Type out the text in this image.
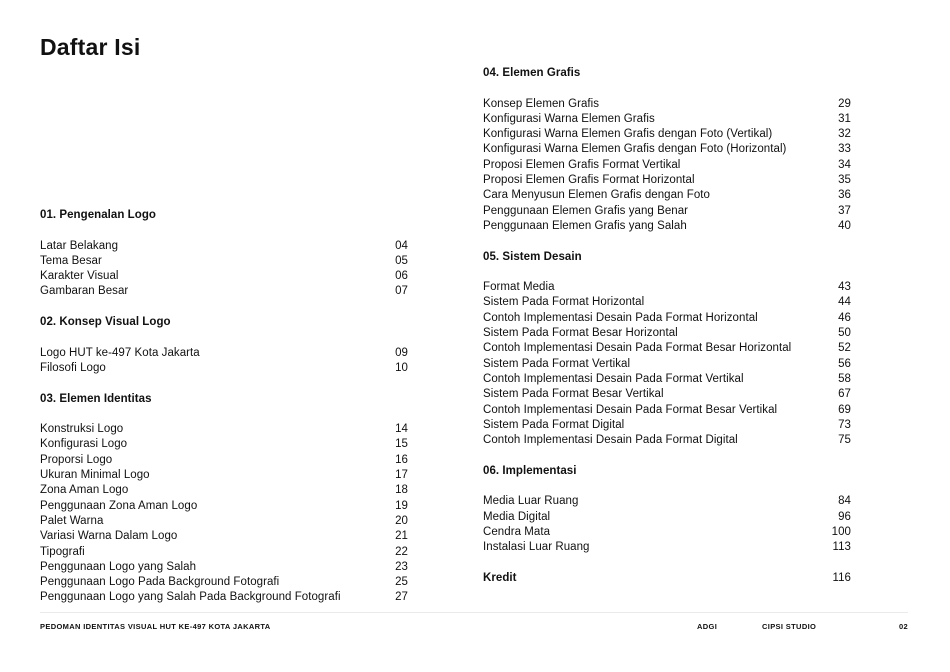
Daftar Isi
01. Pengenalan Logo
Latar Belakang	04
Tema Besar	05
Karakter Visual	06
Gambaran Besar	07
02. Konsep Visual Logo
Logo HUT ke-497 Kota Jakarta	09
Filosofi Logo	10
03. Elemen Identitas
Konstruksi Logo	14
Konfigurasi Logo	15
Proporsi Logo	16
Ukuran Minimal Logo	17
Zona Aman Logo	18
Penggunaan Zona Aman Logo	19
Palet Warna	20
Variasi Warna Dalam Logo	21
Tipografi	22
Penggunaan Logo yang Salah	23
Penggunaan Logo Pada Background Fotografi	25
Penggunaan Logo yang Salah Pada Background Fotografi	27
04. Elemen Grafis
Konsep Elemen Grafis	29
Konfigurasi Warna Elemen Grafis	31
Konfigurasi Warna Elemen Grafis dengan Foto (Vertikal)	32
Konfigurasi Warna Elemen Grafis dengan Foto (Horizontal)	33
Proposi Elemen Grafis Format Vertikal	34
Proposi Elemen Grafis Format Horizontal	35
Cara Menyusun Elemen Grafis dengan Foto	36
Penggunaan Elemen Grafis yang Benar	37
Penggunaan Elemen Grafis yang Salah	40
05. Sistem Desain
Format Media	43
Sistem Pada Format Horizontal	44
Contoh Implementasi Desain Pada Format Horizontal	46
Sistem Pada Format Besar Horizontal	50
Contoh Implementasi Desain Pada Format Besar Horizontal	52
Sistem Pada Format Vertikal	56
Contoh Implementasi Desain Pada Format Vertikal	58
Sistem Pada Format Besar Vertikal	67
Contoh Implementasi Desain Pada Format Besar Vertikal	69
Sistem Pada Format Digital	73
Contoh Implementasi Desain Pada Format Digital	75
06. Implementasi
Media Luar Ruang	84
Media Digital	96
Cendra Mata	100
Instalasi Luar Ruang	113
Kredit	116
PEDOMAN IDENTITAS VISUAL HUT KE-497 KOTA JAKARTA	ADGI	CIPSI STUDIO	02
